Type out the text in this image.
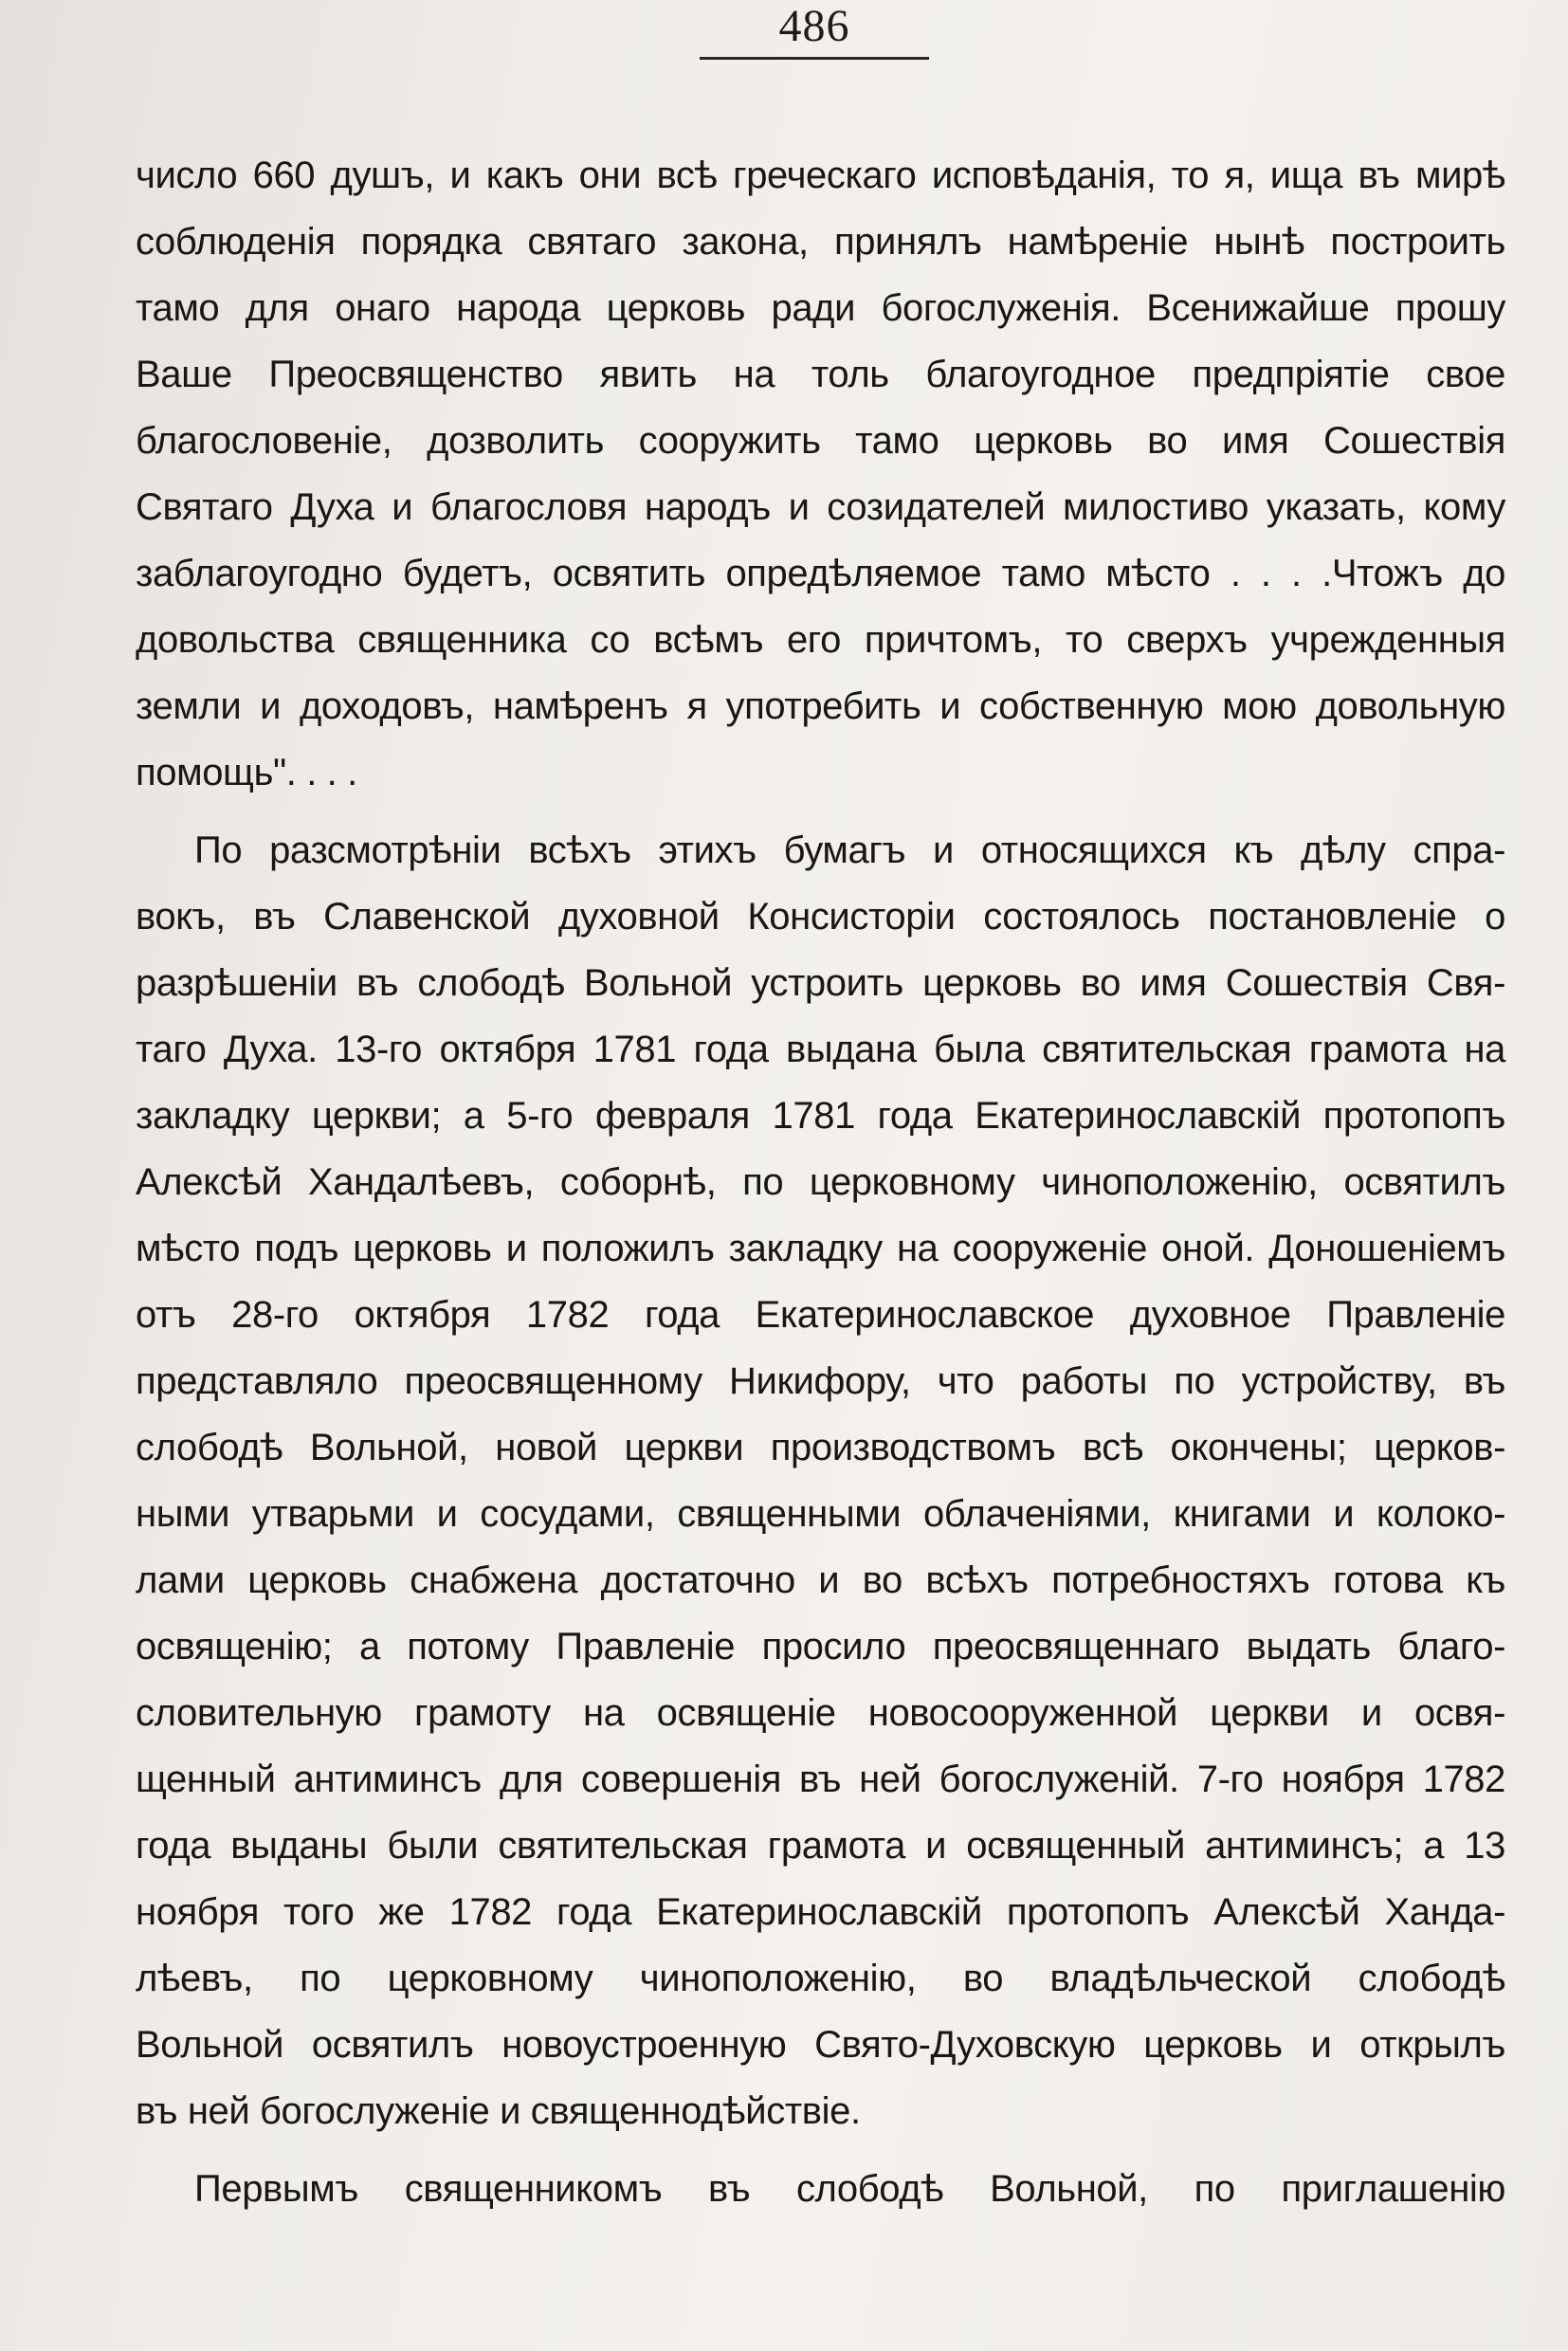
486
число 660 душъ, и какъ они всѣ греческаго исповѣданія, то я, ища въ мирѣ
соблюденія порядка святаго закона, принялъ намѣреніе нынѣ построить
тамо для онаго народа церковь ради богослуженія. Всенижайше прошу
Ваше Преосвященство явить на толь благоугодное предпріятіе свое
благословеніе, дозволить сооружить тамо церковь во имя Сошествія
Святаго Духа и благословя народъ и созидателей милостиво указать, кому
заблагоугодно будетъ, освятить опредѣляемое тамо мѣсто . . . .Чтожъ до
довольства священника со всѣмъ его причтомъ, то сверхъ учрежденныя
земли и доходовъ, намѣренъ я употребить и собственную мою довольную
помощь". . . .
По разсмотрѣніи всѣхъ этихъ бумагъ и относящихся къ дѣлу спра-
вокъ, въ Славенской духовной Консисторіи состоялось постановленіе о
разрѣшеніи въ слободѣ Вольной устроить церковь во имя Сошествія Свя-
таго Духа. 13-го октября 1781 года выдана была святительская грамота на
закладку церкви; а 5-го февраля 1781 года Екатеринославскій протопопъ
Алексѣй Хандалѣевъ, соборнѣ, по церковному чиноположенію, освятилъ
мѣсто подъ церковь и положилъ закладку на сооруженіе оной. Доношеніемъ
отъ 28-го октября 1782 года Екатеринославское духовное Правленіе
представляло преосвященному Никифору, что работы по устройству, въ
слободѣ Вольной, новой церкви производствомъ всѣ окончены; церков-
ными утварьми и сосудами, священными облаченіями, книгами и колоко-
лами церковь снабжена достаточно и во всѣхъ потребностяхъ готова къ
освященію; а потому Правленіе просило преосвященнаго выдать благо-
словительную грамоту на освященіе новосооруженной церкви и освя-
щенный антиминсъ для совершенія въ ней богослуженій. 7-го ноября 1782
года выданы были святительская грамота и освященный антиминсъ; а 13
ноября того же 1782 года Екатеринославскій протопопъ Алексѣй Хандa-
лѣевъ, по церковному чиноположенію, во владѣльческой слободѣ
Вольной освятилъ новоустроенную Свято-Духовскую церковь и открылъ
въ ней богослуженіе и священнодѣйствіе.
Первымъ священникомъ въ слободѣ Вольной, по приглашенію
